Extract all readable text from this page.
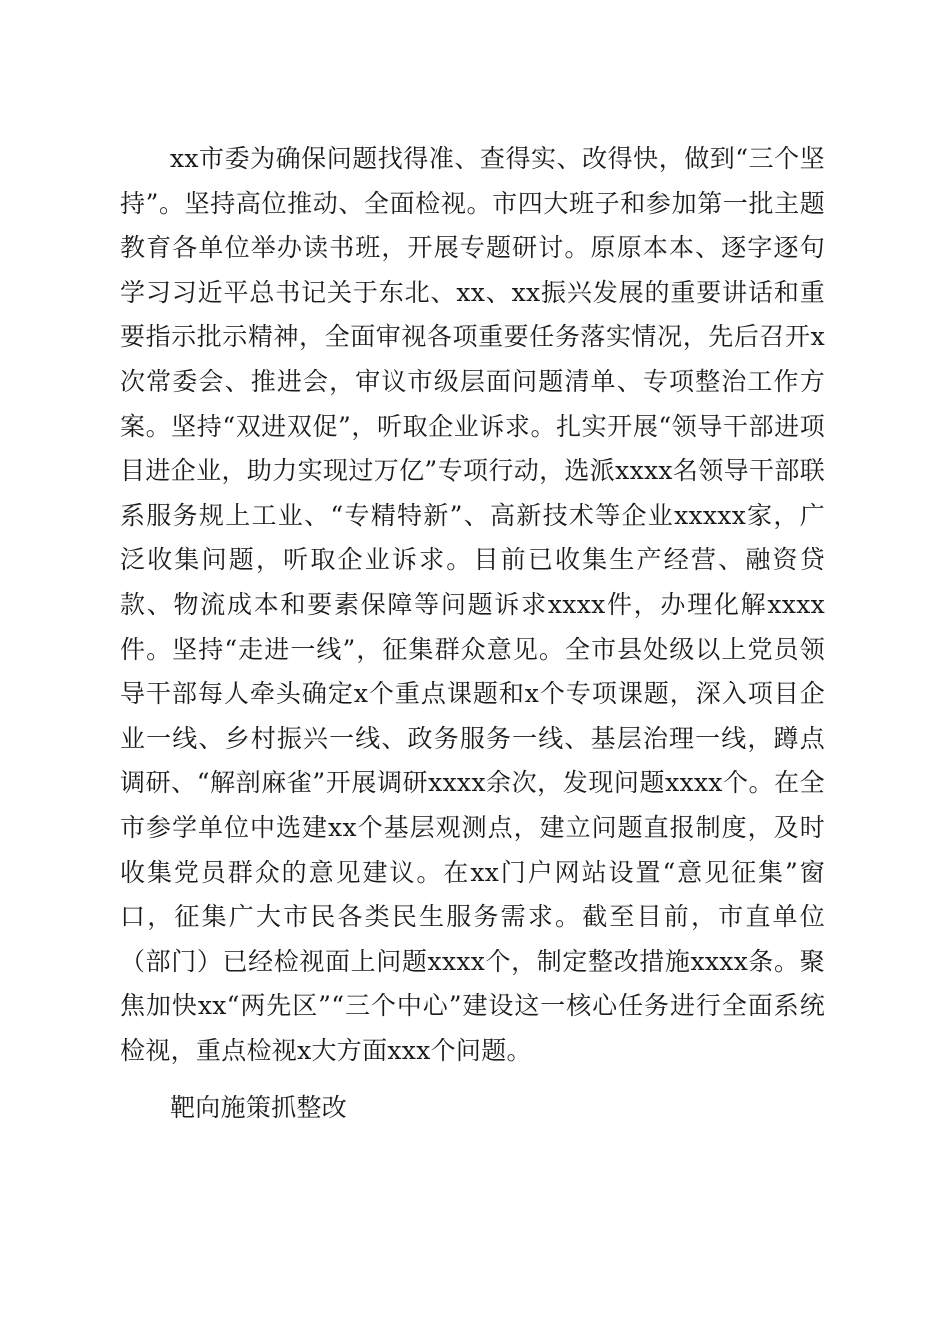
xx市委为确保问题找得准、查得实、改得快，做到“三个坚持”。坚持高位推动、全面检视。市四大班子和参加第一批主题教育各单位举办读书班，开展专题研讨。原原本本、逐字逐句学习习近平总书记关于东北、xx、xx振兴发展的重要讲话和重要指示批示精神，全面审视各项重要任务落实情况，先后召开x次常委会、推进会，审议市级层面问题清单、专项整治工作方案。坚持“双进双促”，听取企业诉求。扎实开展“领导干部进项目进企业，助力实现过万亿”专项行动，选派xxxx名领导干部联系服务规上工业、“专精特新”、高新技术等企业xxxxx家，广泛收集问题，听取企业诉求。目前已收集生产经营、融资贷款、物流成本和要素保障等问题诉求xxxx件，办理化解xxxx件。坚持“走进一线”，征集群众意见。全市县处级以上党员领导干部每人牵头确定x个重点课题和x个专项课题，深入项目企业一线、乡村振兴一线、政务服务一线、基层治理一线，蹲点调研、“解剖麻雀”开展调研xxxx余次，发现问题xxxx个。在全市参学单位中选建xx个基层观测点，建立问题直报制度，及时收集党员群众的意见建议。在xx门户网站设置“意见征集”窗口，征集广大市民各类民生服务需求。截至目前，市直单位（部门）已经检视面上问题xxxx个，制定整改措施xxxx条。聚焦加快xx“两先区”“三个中心”建设这一核心任务进行全面系统检视，重点检视x大方面xxx个问题。

靶向施策抓整改
